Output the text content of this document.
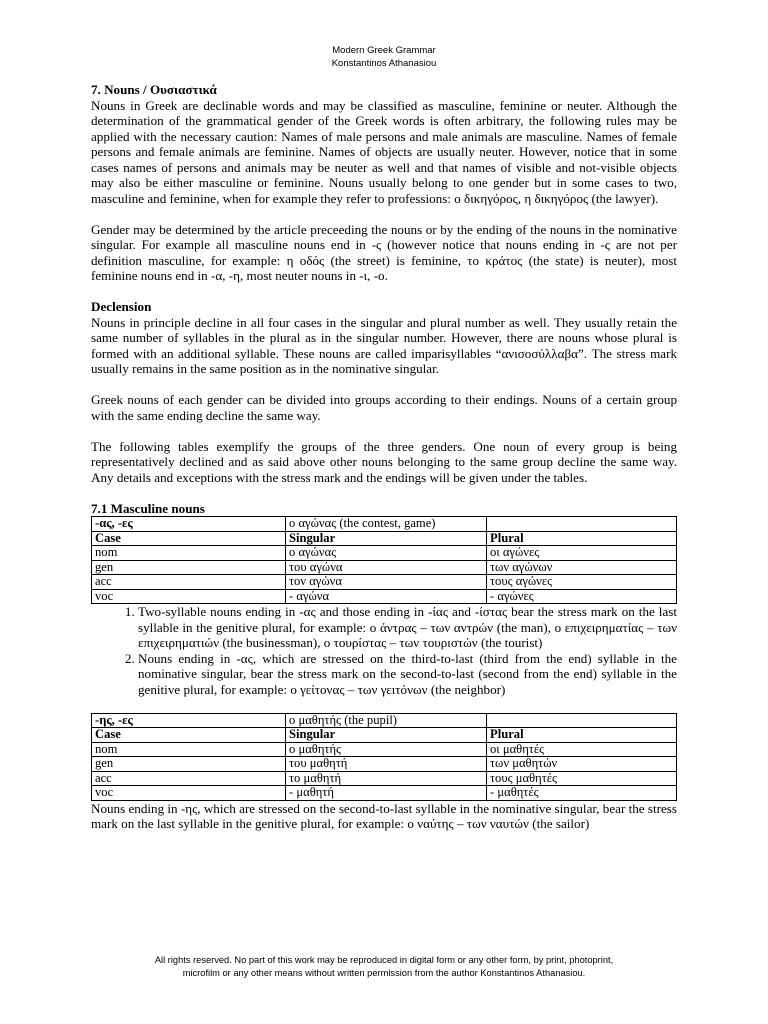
Modern Greek Grammar
Konstantinos Athanasiou

7. Nouns / Ουσιαστικά

Nouns in Greek are declinable words and may be classified as masculine, feminine or neuter. Although the determination of the grammatical gender of the Greek words is often arbitrary, the following rules may be applied with the necessary caution: Names of male persons and male animals are masculine. Names of female persons and female animals are feminine. Names of objects are usually neuter. However, notice that in some cases names of persons and animals may be neuter as well and that names of visible and not-visible objects may also be either masculine or feminine. Nouns usually belong to one gender but in some cases to two, masculine and feminine, when for example they refer to professions: ο δικηγόρος, η δικηγόρος (the lawyer).

Gender may be determined by the article preceeding the nouns or by the ending of the nouns in the nominative singular. For example all masculine nouns end in -ς (however notice that nouns ending in -ς are not per definition masculine, for example: η οδός (the street) is feminine, το κράτος (the state) is neuter), most feminine nouns end in -α, -η, most neuter nouns in -ι, -ο.

Declension

Nouns in principle decline in all four cases in the singular and plural number as well. They usually retain the same number of syllables in the plural as in the singular number. However, there are nouns whose plural is formed with an additional syllable. These nouns are called imparisyllables “ανισοσύλλαβα”. The stress mark usually remains in the same position as in the nominative singular.

Greek nouns of each gender can be divided into groups according to their endings. Nouns of a certain group with the same ending decline the same way.

The following tables exemplify the groups of the three genders. One noun of every group is being representatively declined and as said above other nouns belonging to the same group decline the same way. Any details and exceptions with the stress mark and the endings will be given under the tables.

7.1 Masculine nouns

-ας, -ες	ο αγώνας (the contest, game)	
Case	Singular	Plural
nom	ο αγώνας	οι αγώνες
gen	του αγώνα	των αγώνων
acc	τον αγώνα	τους αγώνες
voc	- αγώνα	- αγώνες
1. Two-syllable nouns ending in -ας and those ending in -ίας and -ίστας bear the stress mark on the last syllable in the genitive plural, for example: ο άντρας – των αντρών (the man), ο επιχειρηματίας – των επιχειρηματιών (the businessman), ο τουρίστας – των τουριστών (the tourist)
2. Nouns ending in -ας, which are stressed on the third-to-last (third from the end) syllable in the nominative singular, bear the stress mark on the second-to-last (second from the end) syllable in the genitive plural, for example: ο γείτονας – των γειτόνων (the neighbor)
-ης, -ες	ο μαθητής (the pupil)	
Case	Singular	Plural
nom	ο μαθητής	οι μαθητές
gen	του μαθητή	των μαθητών
acc	το μαθητή	τους μαθητές
voc	- μαθητή	- μαθητές

Nouns ending in -ης, which are stressed on the second-to-last syllable in the nominative singular, bear the stress mark on the last syllable in the genitive plural, for example: ο ναύτης – των ναυτών (the sailor)

All rights reserved. No part of this work may be reproduced in digital form or any other form, by print, photoprint,
microfilm or any other means without written permission from the author Konstantinos Athanasiou.
